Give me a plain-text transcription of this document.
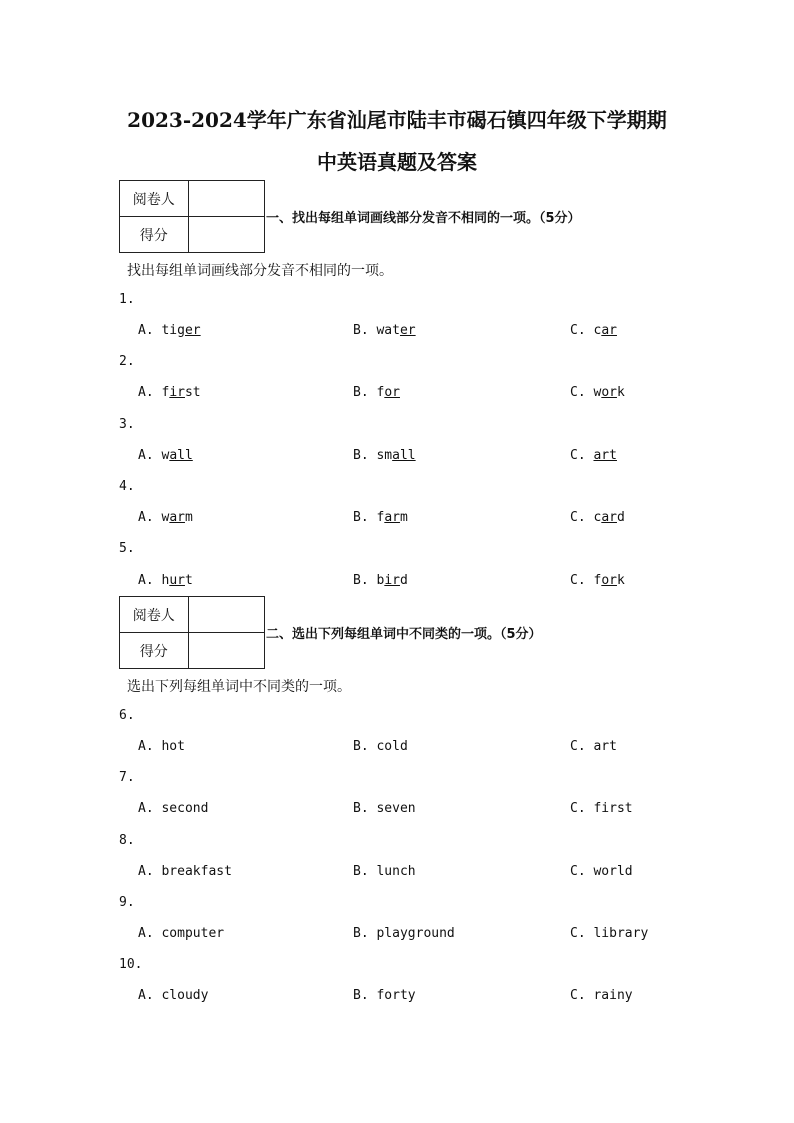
2023-2024学年广东省汕尾市陆丰市碣石镇四年级下学期期
中英语真题及答案
阅卷人	
得分	
一、找出每组单词画线部分发音不相同的一项。（5分）
找出每组单词画线部分发音不相同的一项。
1.
A. tiger	B. water	C. car
2.
A. first	B. for	C. work
3.
A. wall	B. small	C. art
4.
A. warm	B. farm	C. card
5.
A. hurt	B. bird	C. fork
阅卷人	
得分	
二、选出下列每组单词中不同类的一项。（5分）
选出下列每组单词中不同类的一项。
6.
A. hot	B. cold	C. art
7.
A. second	B. seven	C. first
8.
A. breakfast	B. lunch	C. world
9.
A. computer	B. playground	C. library
10.
A. cloudy	B. forty	C. rainy
